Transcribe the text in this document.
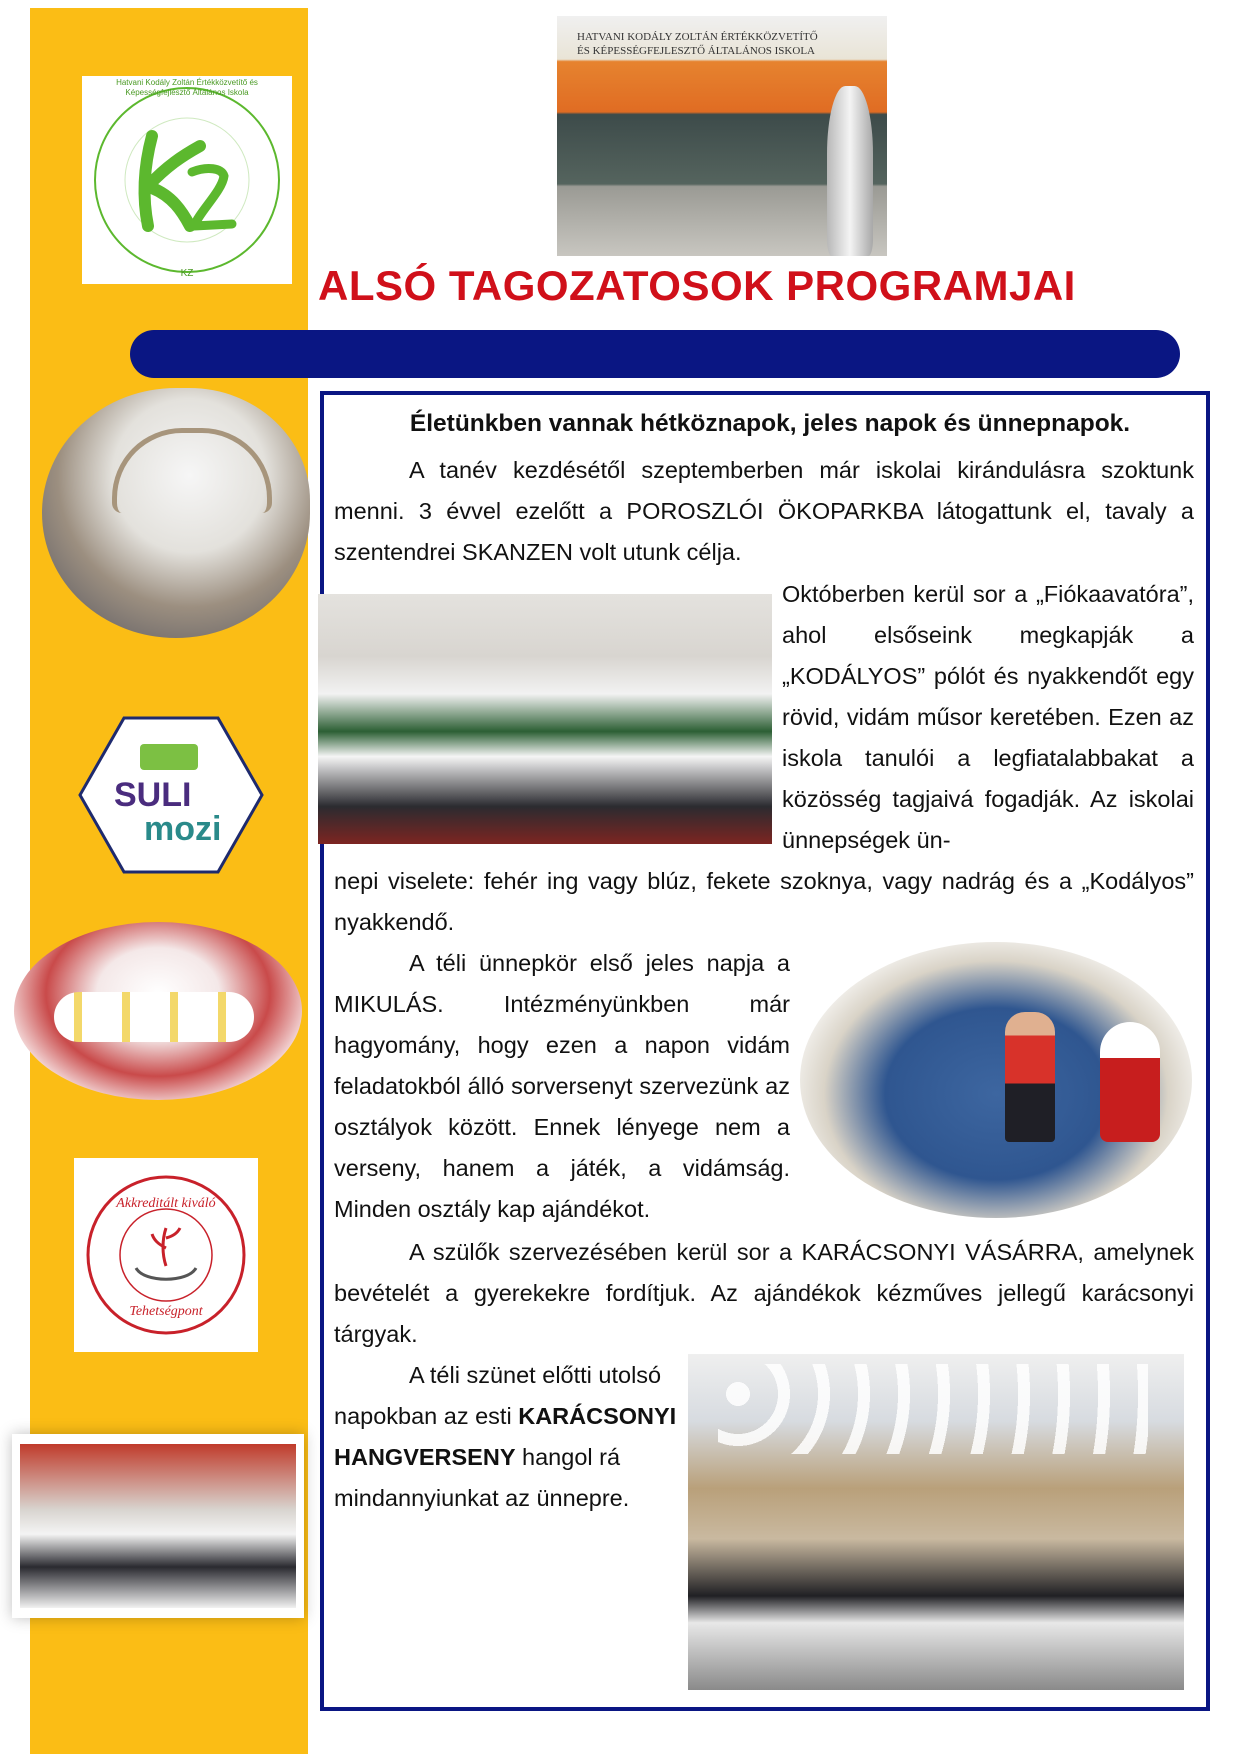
Hatvani Kodály Zoltán Értékközvetítő és Képességfejlesztő Általános Iskola
KZ
HATVANI KODÁLY ZOLTÁN ÉRTÉKKÖZVETÍTŐ ÉS KÉPESSÉGFEJLESZTŐ ÁLTALÁNOS ISKOLA
ALSÓ TAGOZATOSOK PROGRAMJAI
SULI
mozi
Akkreditált kiváló
Tehetségpont
Életünkben vannak hétköznapok, jeles napok és ünnepnapok.

A tanév kezdésétől szeptemberben már iskolai kirándulásra szoktunk menni. 3 évvel ezelőtt a POROSZLÓI ÖKOPARKBA látogattunk el, tavaly a szentendrei SKANZEN volt utunk célja.

Októberben kerül sor a „Fiókaavatóra”, ahol elsőseink megkapják a „KODÁLYOS” pólót és nyakkendőt egy rövid, vidám műsor keretében. Ezen az iskola tanulói a legfiatalabbakat a közösség tagjaivá fogadják. Az iskolai ünnepségek ün-

nepi viselete: fehér ing vagy blúz, fekete szoknya, vagy nadrág és a „Kodályos” nyakkendő.

A téli ünnepkör első jeles napja a MIKULÁS. Intézményünkben már hagyomány, hogy ezen a napon vidám feladatokból álló sorversenyt szervezünk az osztályok között. Ennek lényege nem a verseny, hanem a játék, a vidámság. Minden osztály kap ajándékot.

A szülők szervezésében kerül sor a KARÁCSONYI VÁSÁRRA, amelynek bevételét a gyerekekre fordítjuk. Az ajándékok kézműves jellegű karácsonyi tárgyak.

A téli szünet előtti utolsó napokban az esti KARÁCSONYI HANGVERSENY hangol rá mindannyiunkat az ünnepre.
